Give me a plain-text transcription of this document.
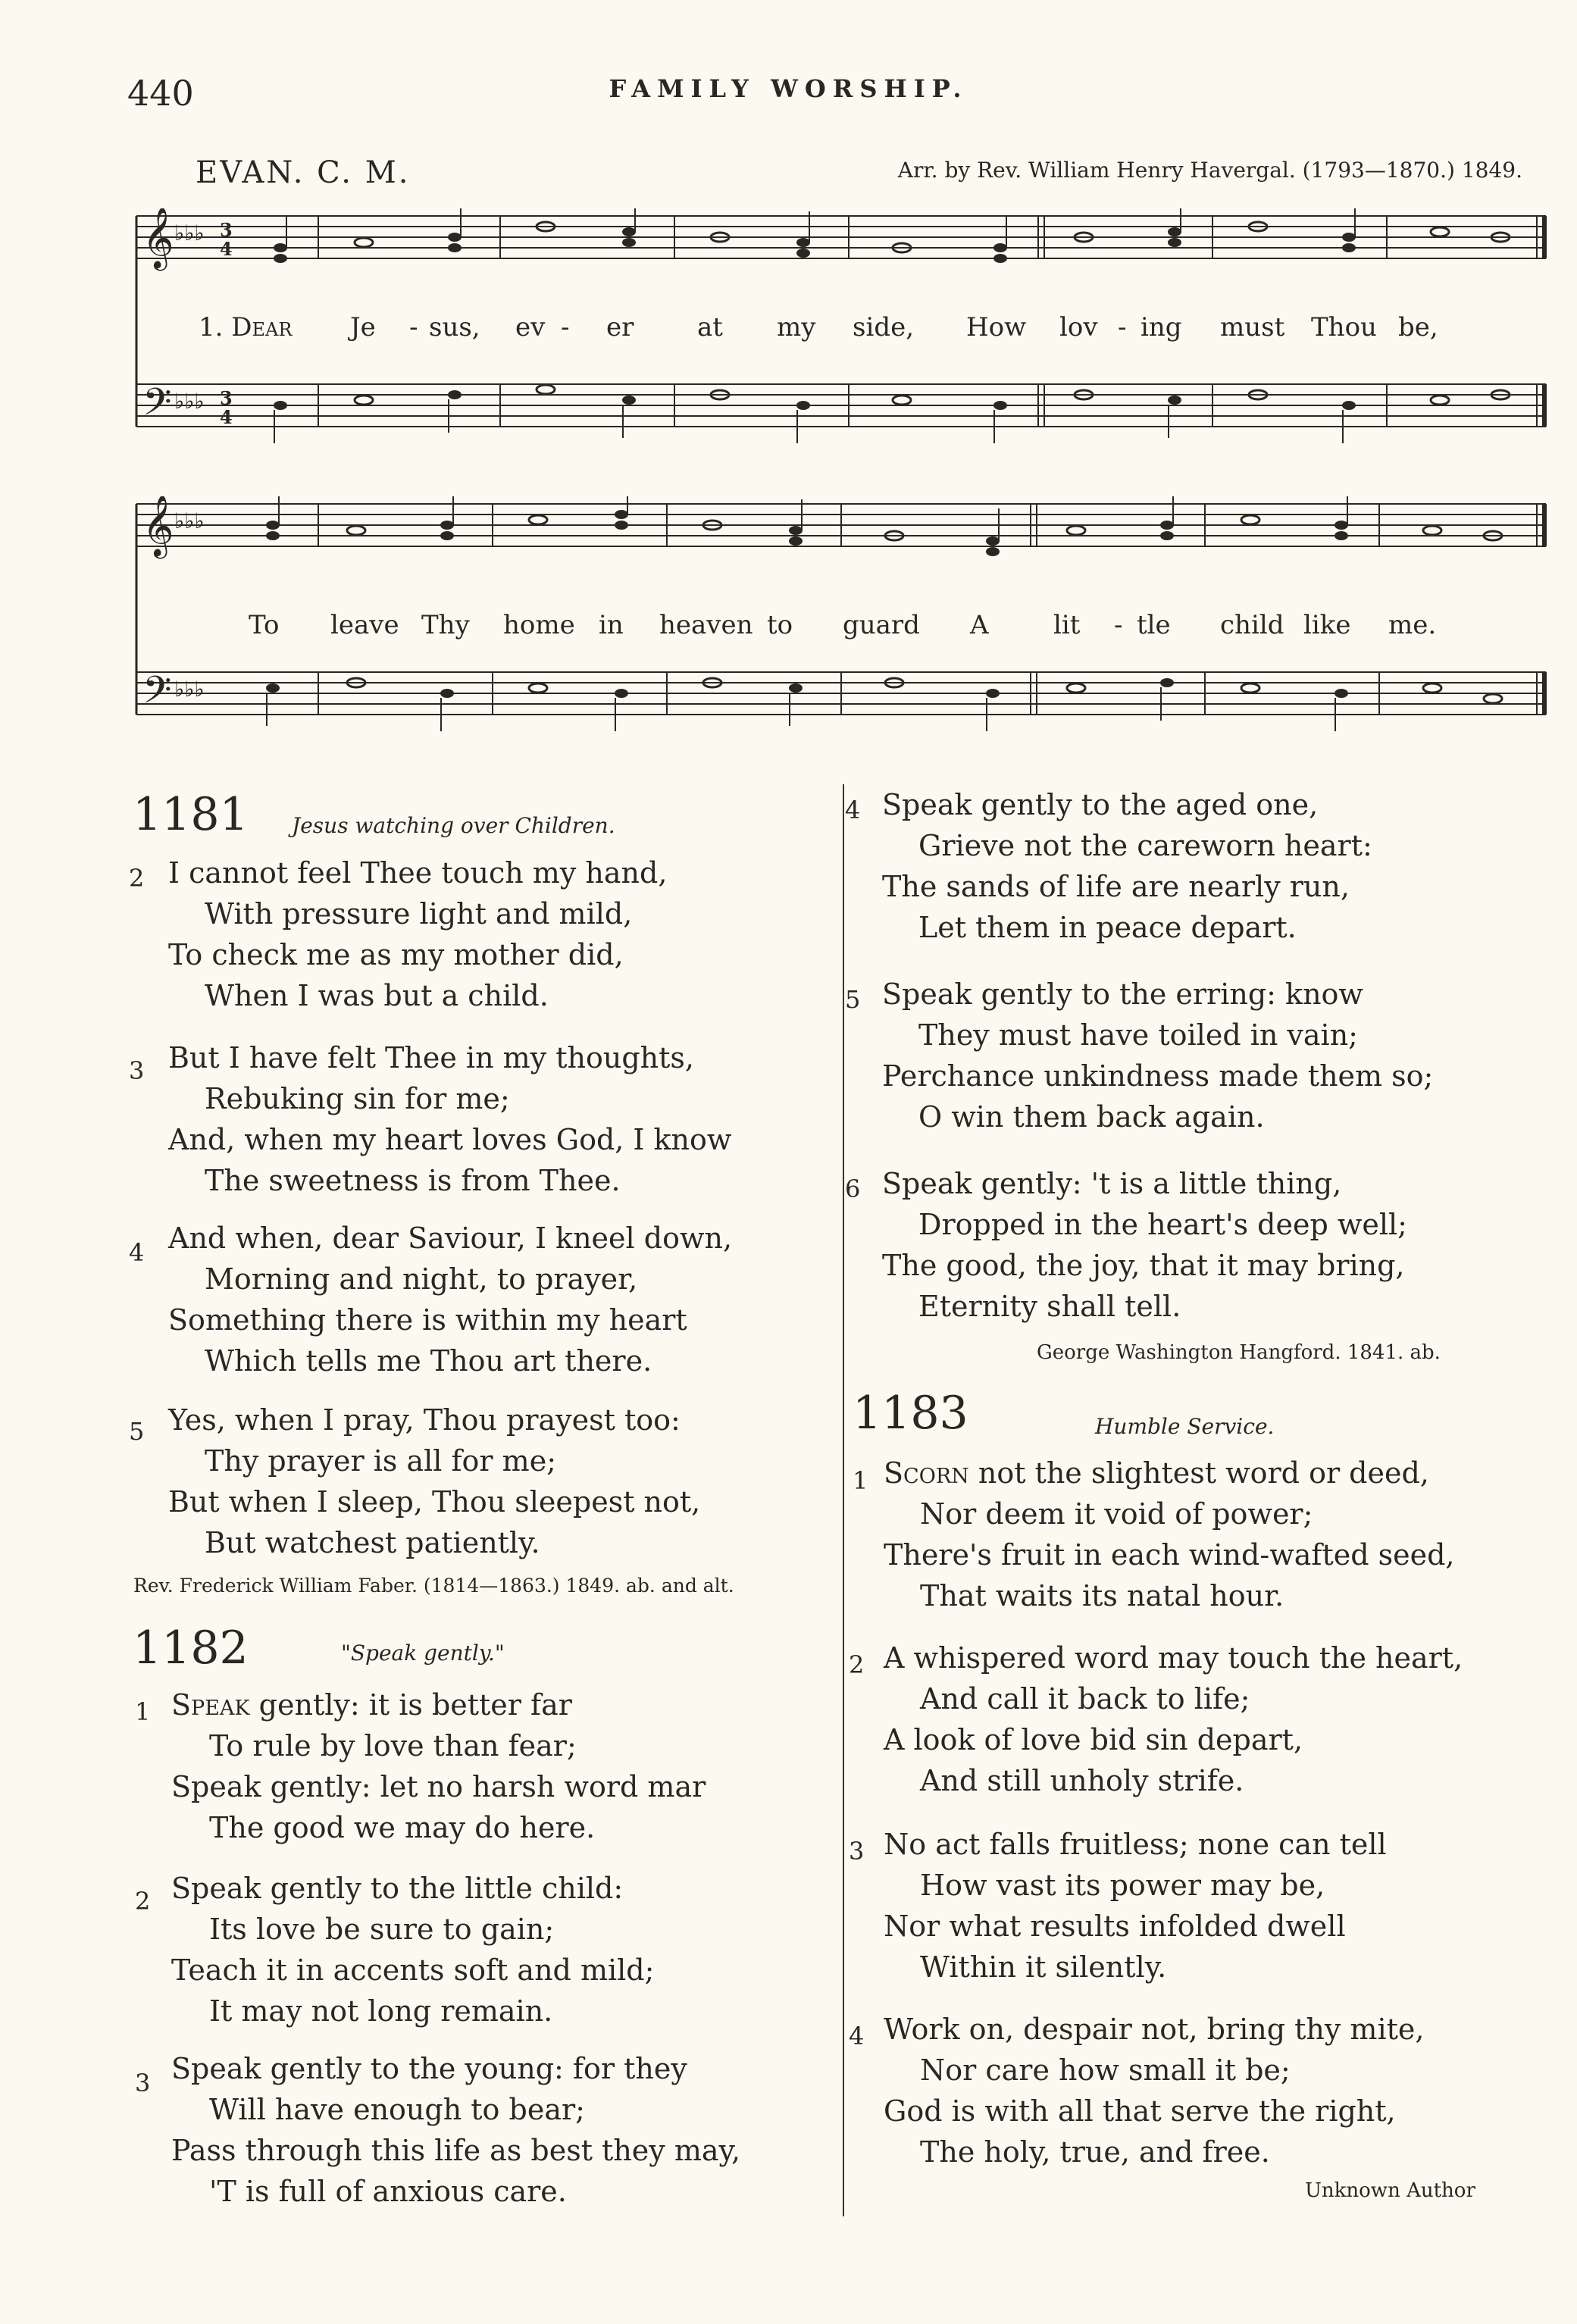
440	FAMILY WORSHIP.
EVAN. C. M.	Arr. by Rev. William Henry Havergal. (1793—1870.) 1849.
𝄞
𝄢
♭♭♭
♭♭♭
3
4
3
4
1. Dear Je - sus, ev - er at my side, How lov - ing must Thou be,
𝄞
𝄢
♭♭♭
♭♭♭
To leave Thy home in heaven to guard A	lit - tle child like me.
1181 Jesus watching over Children.
2 I cannot feel Thee touch my hand,
With pressure light and mild,
To check me as my mother did,
When I was but a child.
3 But I have felt Thee in my thoughts,
Rebuking sin for me;
And, when my heart loves God, I know
The sweetness is from Thee.
4 And when, dear Saviour, I kneel down,
Morning and night, to prayer,
Something there is within my heart
Which tells me Thou art there.
5 Yes, when I pray, Thou prayest too:
Thy prayer is all for me;
But when I sleep, Thou sleepest not,
But watchest patiently.
Rev. Frederick William Faber. (1814—1863.) 1849. ab. and alt.
1182	"Speak gently."
1 Speak gently: it is better far
To rule by love than fear;
Speak gently: let no harsh word mar
The good we may do here.
2 Speak gently to the little child:
Its love be sure to gain;
Teach it in accents soft and mild;
It may not long remain.
3 Speak gently to the young: for they
Will have enough to bear;
Pass through this life as best they may,
'T is full of anxious care.
4 Speak gently to the aged one,
Grieve not the careworn heart:
The sands of life are nearly run,
Let them in peace depart.
5 Speak gently to the erring: know
They must have toiled in vain;
Perchance unkindness made them so;
O win them back again.
6 Speak gently: 't is a little thing,
Dropped in the heart's deep well;
The good, the joy, that it may bring,
Eternity shall tell.
George Washington Hangford. 1841. ab.
1183	Humble Service.
1 Scorn not the slightest word or deed,
Nor deem it void of power;
There's fruit in each wind-wafted seed,
That waits its natal hour.
2 A whispered word may touch the heart,
And call it back to life;
A look of love bid sin depart,
And still unholy strife.
3 No act falls fruitless; none can tell
How vast its power may be,
Nor what results infolded dwell
Within it silently.
4 Work on, despair not, bring thy mite,
Nor care how small it be;
God is with all that serve the right,
The holy, true, and free.
Unknown Author
